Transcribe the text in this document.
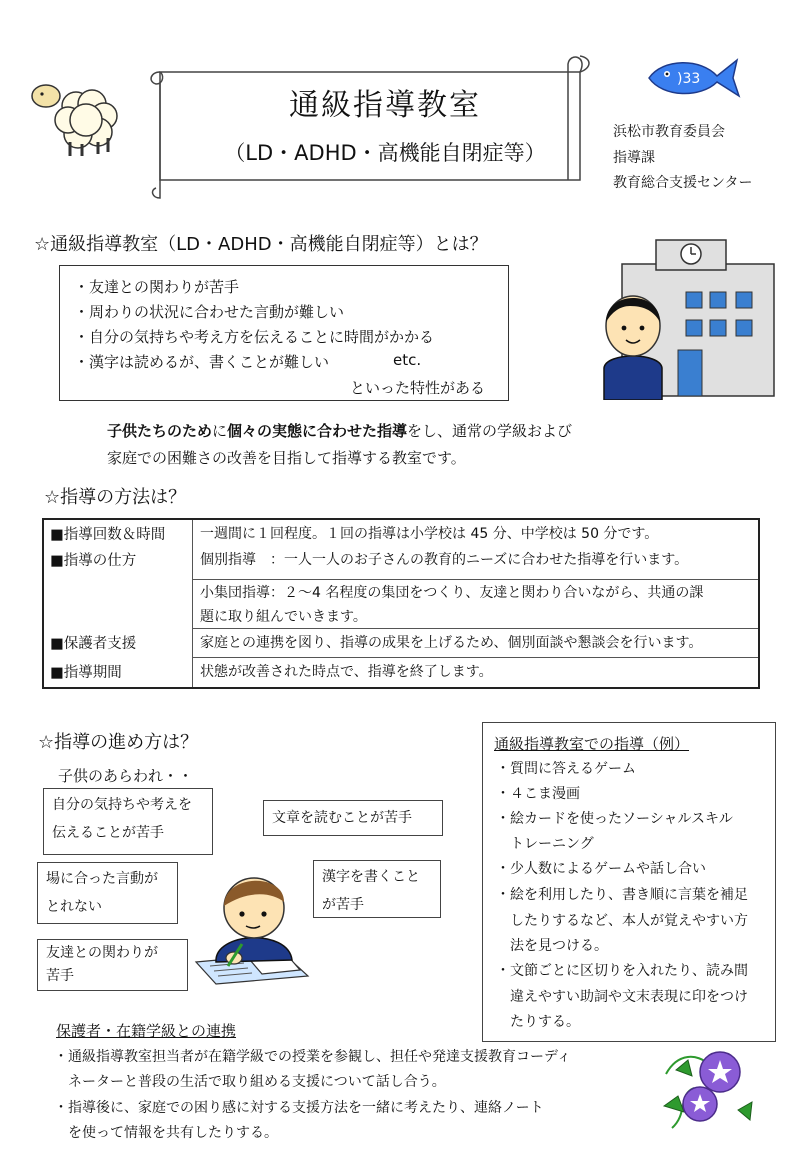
通級指導教室
（LD・ADHD・高機能自閉症等）
)33
浜松市教育委員会
指導課
教育総合支援センター
☆通級指導教室（LD・ADHD・高機能自閉症等）とは？
・友達との関わりが苦手
・周わりの状況に合わせた言動が難しい
・自分の気持ちや考え方を伝えることに時間がかかる
・漢字は読めるが、書くことが難しい	etc.
といった特性がある
子供たちのために個々の実態に合わせた指導をし、通常の学級および
家庭での困難さの改善を目指して指導する教室です。
☆指導の方法は？
■指導回数＆時間
■指導の仕方
■保護者支援
■指導期間
一週間に１回程度。１回の指導は小学校は 45 分、中学校は 50 分です。
個別指導　：一人一人のお子さんの教育的ニーズに合わせた指導を行います。
小集団指導：２～4 名程度の集団をつくり、友達と関わり合いながら、共通の課
題に取り組んでいきます。
家庭との連携を図り、指導の成果を上げるため、個別面談や懇談会を行います。
状態が改善された時点で、指導を終了します。
☆指導の進め方は？
子供のあらわれ・・
自分の気持ちや考えを
伝えることが苦手
文章を読むことが苦手
場に合った言動が
とれない
漢字を書くこと
が苦手
友達との関わりが
苦手
通級指導教室での指導（例）
・質問に答えるゲーム
・４こま漫画
・絵カードを使ったソーシャルスキル
　トレーニング
・少人数によるゲームや話し合い
・絵を利用したり、書き順に言葉を補足
　したりするなど、本人が覚えやすい方
　法を見つける。
・文節ごとに区切りを入れたり、読み間
　違えやすい助詞や文末表現に印をつけ
　たりする。
保護者・在籍学級との連携
・通級指導教室担当者が在籍学級での授業を参観し、担任や発達支援教育コーディ
　ネーターと普段の生活で取り組める支援について話し合う。
・指導後に、家庭での困り感に対する支援方法を一緒に考えたり、連絡ノート
　を使って情報を共有したりする。
